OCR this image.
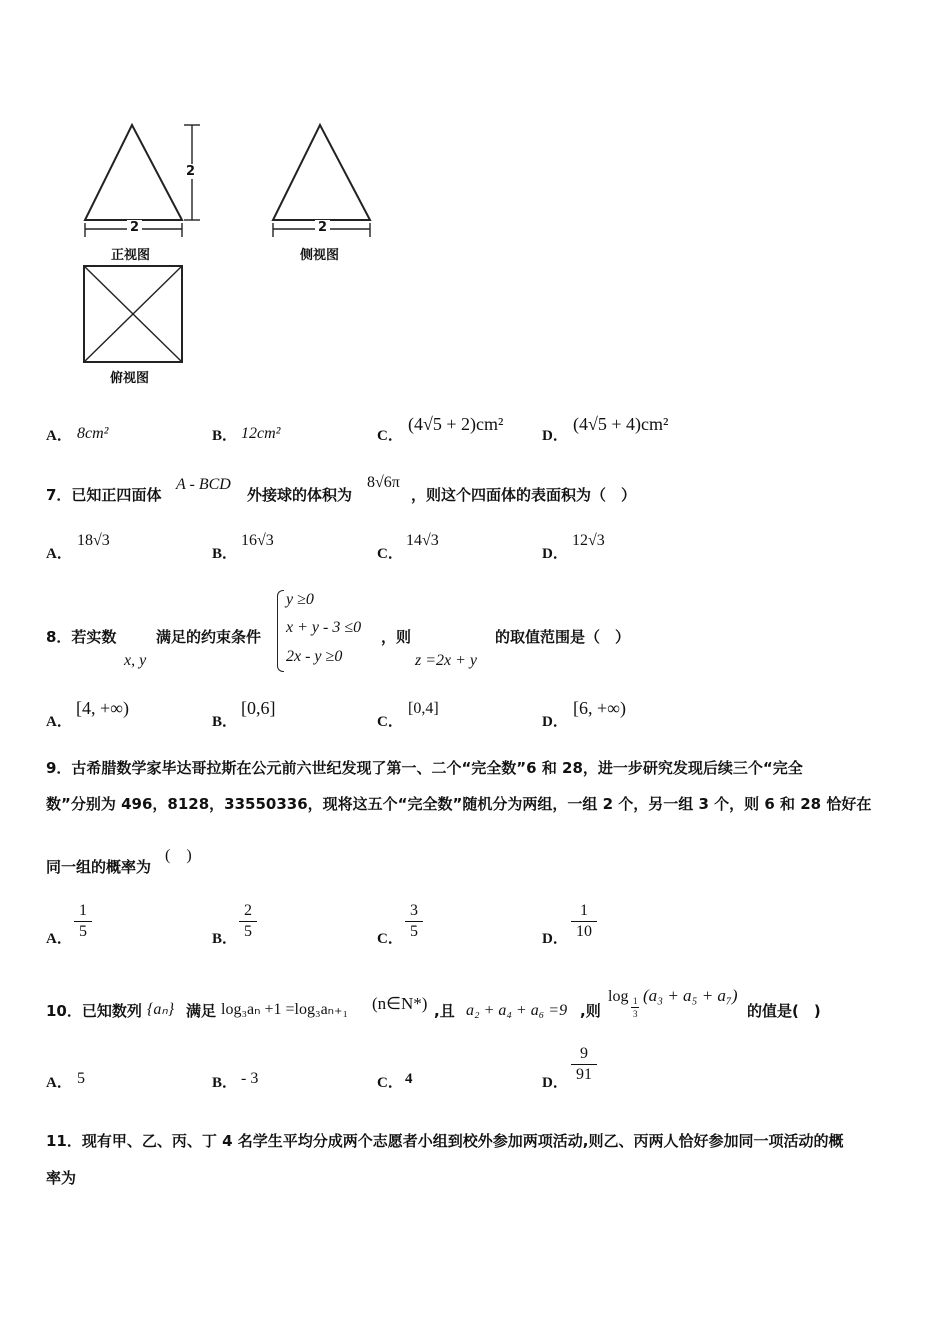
2
2	2
正视图	侧视图
俯视图
A． 8cm²	B． 12cm²	C．
(4√5 + 2)cm²
D．
(4√5 + 4)cm²
7．已知正四面体
A - BCD
外接球的体积为
8√6π
，则这个四面体的表面积为（　）
A．
18√3
B．
16√3
C．
14√3
D．
12√3
8．若实数
x, y
满足的约束条件
y ≥0
x + y - 3 ≤0
2x - y ≥0
，则
z =2x + y
的取值范围是（　）
A．
[4, +∞)
B．
[0,6]
C．
[0,4]
D．
[6, +∞)
9．古希腊数学家毕达哥拉斯在公元前六世纪发现了第一、二个“完全数”6 和 28，进一步研究发现后续三个“完全
数”分别为 496，8128，33550336，现将这五个“完全数”随机分为两组，一组 2 个，另一组 3 个，则 6 和 28 恰好在
同一组的概率为
(　)
A．
1
5	B．
2
5	C．
3
5	D．
1
10
10．已知数列 {aₙ} 满足 log₃aₙ +1 =log₃aₙ₊₁ (n∈N*) ,且 a₂ + a₄ + a₆ =9 ,则
log 1
3
(a₃ + a₅ + a₇)
的值是(　)
A． 5	B． - 3	C． 4	D．
9
91
11．现有甲、乙、丙、丁 4 名学生平均分成两个志愿者小组到校外参加两项活动,则乙、丙两人恰好参加同一项活动的概
率为
